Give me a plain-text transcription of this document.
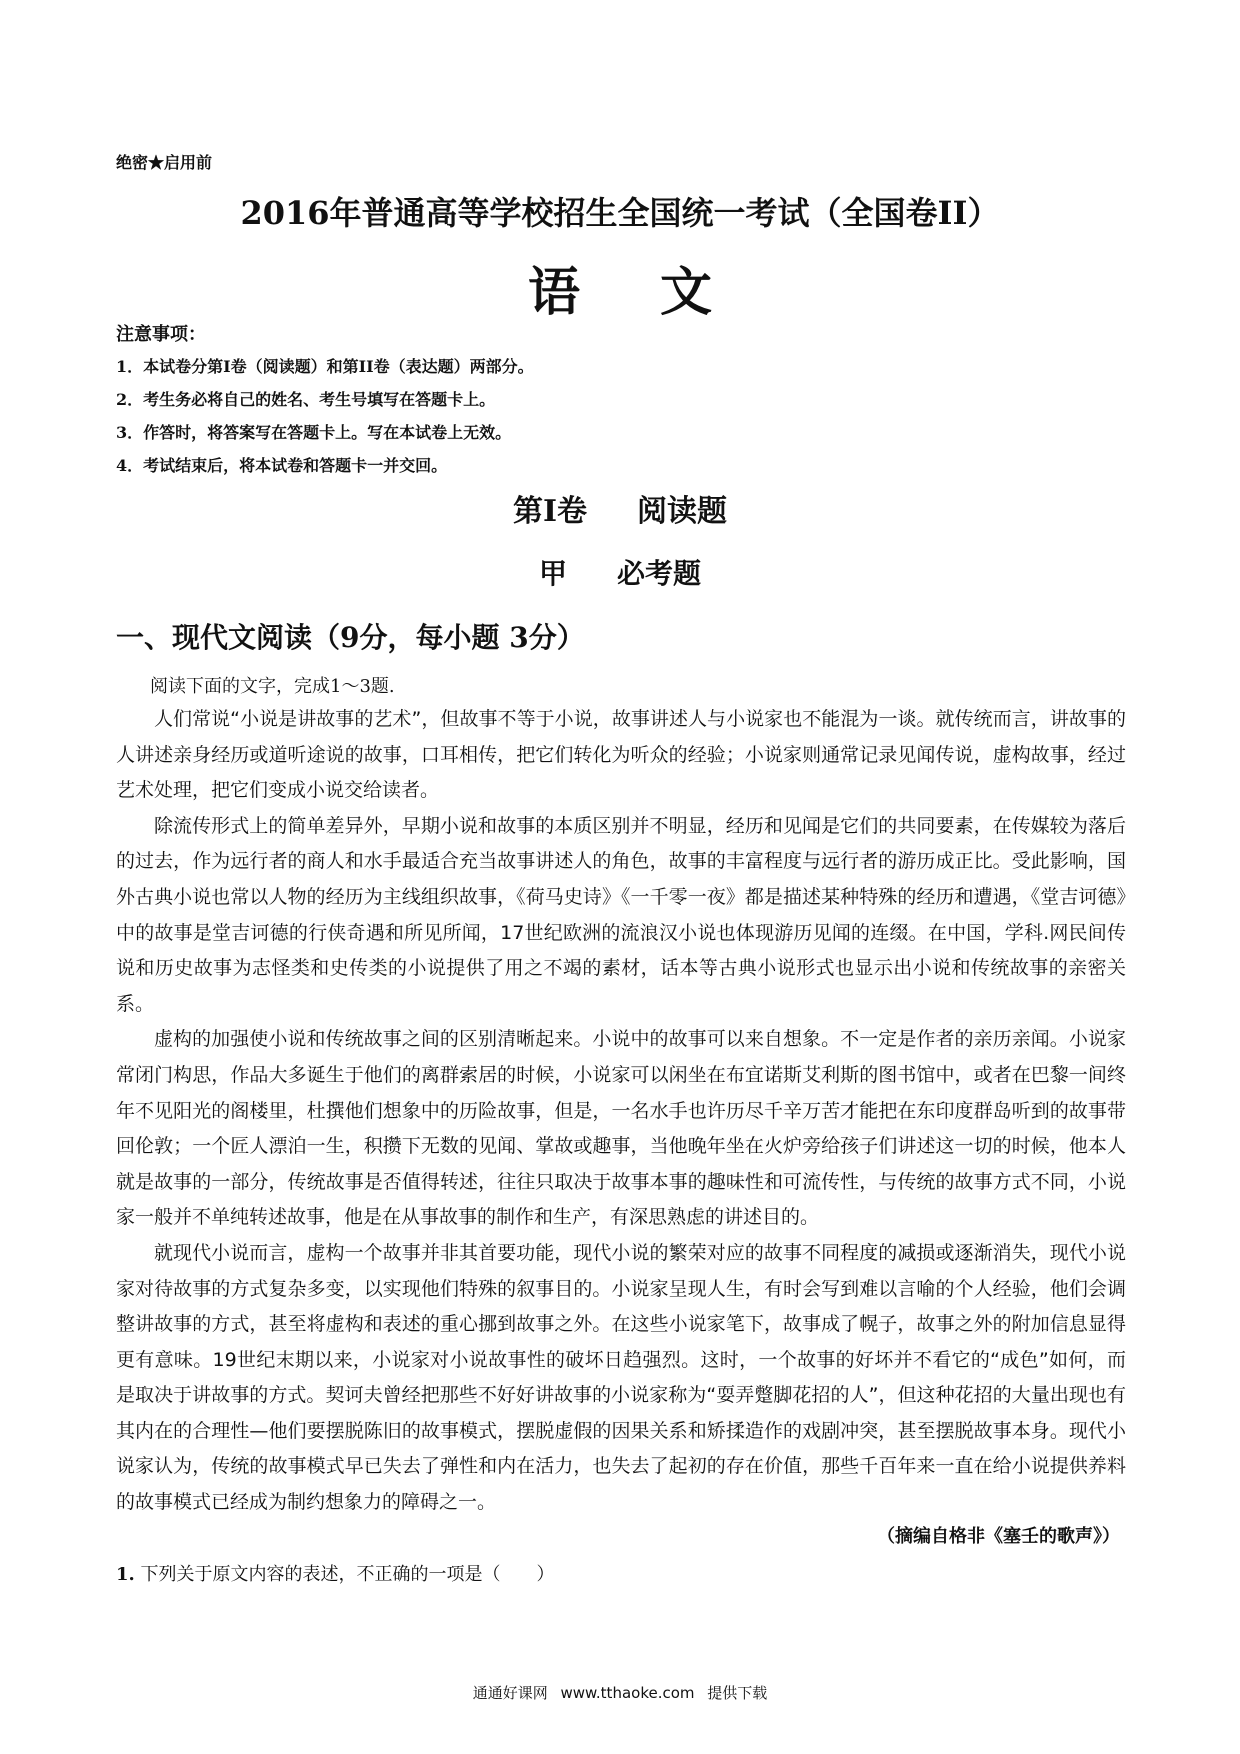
绝密★启用前
2016年普通高等学校招生全国统一考试（全国卷II）
语文
注意事项：
1．本试卷分第I卷（阅读题）和第II卷（表达题）两部分。
2．考生务必将自己的姓名、考生号填写在答题卡上。
3．作答时，将答案写在答题卡上。写在本试卷上无效。
4．考试结束后，将本试卷和答题卡一并交回。
第Ⅰ卷 阅读题
甲 必考题
一、现代文阅读（9分，每小题 3分）
阅读下面的文字，完成1～3题.

人们常说“小说是讲故事的艺术”，但故事不等于小说，故事讲述人与小说家也不能混为一谈。就传统而言，讲故事的人讲述亲身经历或道听途说的故事，口耳相传，把它们转化为听众的经验；小说家则通常记录见闻传说，虚构故事，经过艺术处理，把它们变成小说交给读者。

除流传形式上的简单差异外，早期小说和故事的本质区别并不明显，经历和见闻是它们的共同要素，在传媒较为落后的过去，作为远行者的商人和水手最适合充当故事讲述人的角色，故事的丰富程度与远行者的游历成正比。受此影响，国外古典小说也常以人物的经历为主线组织故事，《荷马史诗》《一千零一夜》都是描述某种特殊的经历和遭遇，《堂吉诃德》中的故事是堂吉诃德的行侠奇遇和所见所闻，17世纪欧洲的流浪汉小说也体现游历见闻的连缀。在中国，学科.网民间传说和历史故事为志怪类和史传类的小说提供了用之不竭的素材，话本等古典小说形式也显示出小说和传统故事的亲密关系。

虚构的加强使小说和传统故事之间的区别清晰起来。小说中的故事可以来自想象。不一定是作者的亲历亲闻。小说家常闭门构思，作品大多诞生于他们的离群索居的时候，小说家可以闲坐在布宜诺斯艾利斯的图书馆中，或者在巴黎一间终年不见阳光的阁楼里，杜撰他们想象中的历险故事，但是，一名水手也许历尽千辛万苦才能把在东印度群岛听到的故事带回伦敦；一个匠人漂泊一生，积攒下无数的见闻、掌故或趣事，当他晚年坐在火炉旁给孩子们讲述这一切的时候，他本人就是故事的一部分，传统故事是否值得转述，往往只取决于故事本事的趣味性和可流传性，与传统的故事方式不同，小说家一般并不单纯转述故事，他是在从事故事的制作和生产，有深思熟虑的讲述目的。

就现代小说而言，虚构一个故事并非其首要功能，现代小说的繁荣对应的故事不同程度的减损或逐渐消失，现代小说家对待故事的方式复杂多变，以实现他们特殊的叙事目的。小说家呈现人生，有时会写到难以言喻的个人经验，他们会调整讲故事的方式，甚至将虚构和表述的重心挪到故事之外。在这些小说家笔下，故事成了幌子，故事之外的附加信息显得更有意味。19世纪末期以来，小说家对小说故事性的破坏日趋强烈。这时，一个故事的好坏并不看它的“成色”如何，而是取决于讲故事的方式。契诃夫曾经把那些不好好讲故事的小说家称为“耍弄蹩脚花招的人”，但这种花招的大量出现也有其内在的合理性—他们要摆脱陈旧的故事模式，摆脱虚假的因果关系和矫揉造作的戏剧冲突，甚至摆脱故事本身。现代小说家认为，传统的故事模式早已失去了弹性和内在活力，也失去了起初的存在价值，那些千百年来一直在给小说提供养料的故事模式已经成为制约想象力的障碍之一。

（摘编自格非《塞壬的歌声》）
1. 下列关于原文内容的表述，不正确的一项是（　　）
通通好课网 www.tthaoke.com 提供下载
